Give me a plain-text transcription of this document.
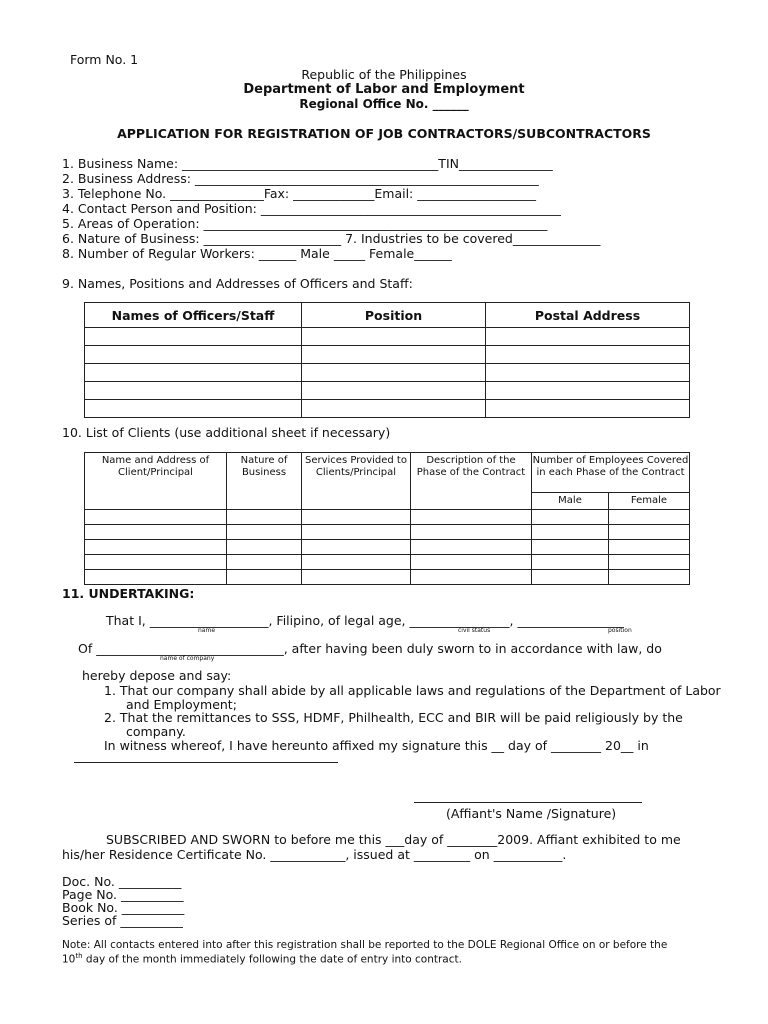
Form No. 1
Republic of the Philippines
Department of Labor and Employment
Regional Office No. ______
APPLICATION FOR REGISTRATION OF JOB CONTRACTORS/SUBCONTRACTORS
1. Business Name: _________________________________________TIN_______________
2. Business Address: _______________________________________________________
3. Telephone No. _______________Fax: _____________Email: ___________________
4. Contact Person and Position: ________________________________________________
5. Areas of Operation: _______________________________________________________
6. Nature of Business: ______________________ 7. Industries to be covered______________
8. Number of Regular Workers: ______ Male _____ Female______
9. Names, Positions and Addresses of Officers and Staff:
Names of Officers/Staff	Position	Postal Address

10. List of Clients (use additional sheet if necessary)
Name and Address of Client/Principal	Nature of Business	Services Provided to Clients/Principal	Description of the Phase of the Contract	Number of Employees Covered in each Phase of the Contract	
				Male	Female

11. UNDERTAKING:
That I, ___________________, Filipino, of legal age, ________________, _________________
name	civil status	position
Of ______________________________, after having been duly sworn to in accordance with law, do
name of company
hereby depose and say:
1. That our company shall abide by all applicable laws and regulations of the Department of Labor
and Employment;
2. That the remittances to SSS, HDMF, Philhealth, ECC and BIR will be paid religiously by the
company.
In witness whereof, I have hereunto affixed my signature this __ day of ________ 20__ in
(Affiant's Name /Signature)
SUBSCRIBED AND SWORN to before me this ___day of ________2009. Affiant exhibited to me
his/her Residence Certificate No. ____________, issued at _________ on ___________.
Doc. No. __________
Page No. __________
Book No. __________
Series of __________
Note: All contacts entered into after this registration shall be reported to the DOLE Regional Office on or before the
10th day of the month immediately following the date of entry into contract.
